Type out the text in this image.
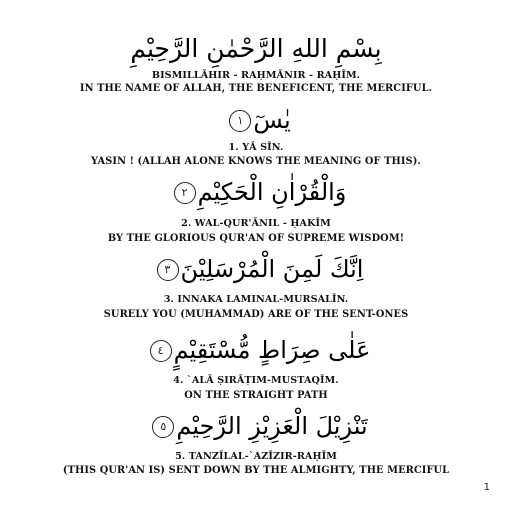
بِسْمِ اللهِ الرَّحْمٰنِ الرَّحِيْمِ
BISMILLĀHIR - RAḤMĀNIR - RAḤĪM.
IN THE NAME OF ALLAH, THE BENEFICENT, THE MERCIFUL.
يٰسٓ١
1. YĀ SĪN.
YASIN ! (ALLAH ALONE KNOWS THE MEANING OF THIS).
وَالْقُرْاٰنِ الْحَكِيْمِ٢
2. WAL-QUR'ĀNIL - ḤAKĪM
BY THE GLORIOUS QUR'AN OF SUPREME WISDOM!
اِنَّكَ لَمِنَ الْمُرْسَلِيْنَ٣
3. INNAKA LAMINAL-MURSALĪN.
SURELY YOU (MUHAMMAD) ARE OF THE SENT-ONES
عَلٰى صِرَاطٍ مُّسْتَقِيْمٍ٤
4. `ALĀ ṢIRĀṬIM-MUSTAQĪM.
ON THE STRAIGHT PATH
تَنْزِيْلَ الْعَزِيْزِ الرَّحِيْمِ٥
5. TANZĪLAL-`AZĪZIR-RAḤĪM
(THIS QUR'AN IS) SENT DOWN BY THE ALMIGHTY, THE MERCIFUL
1
